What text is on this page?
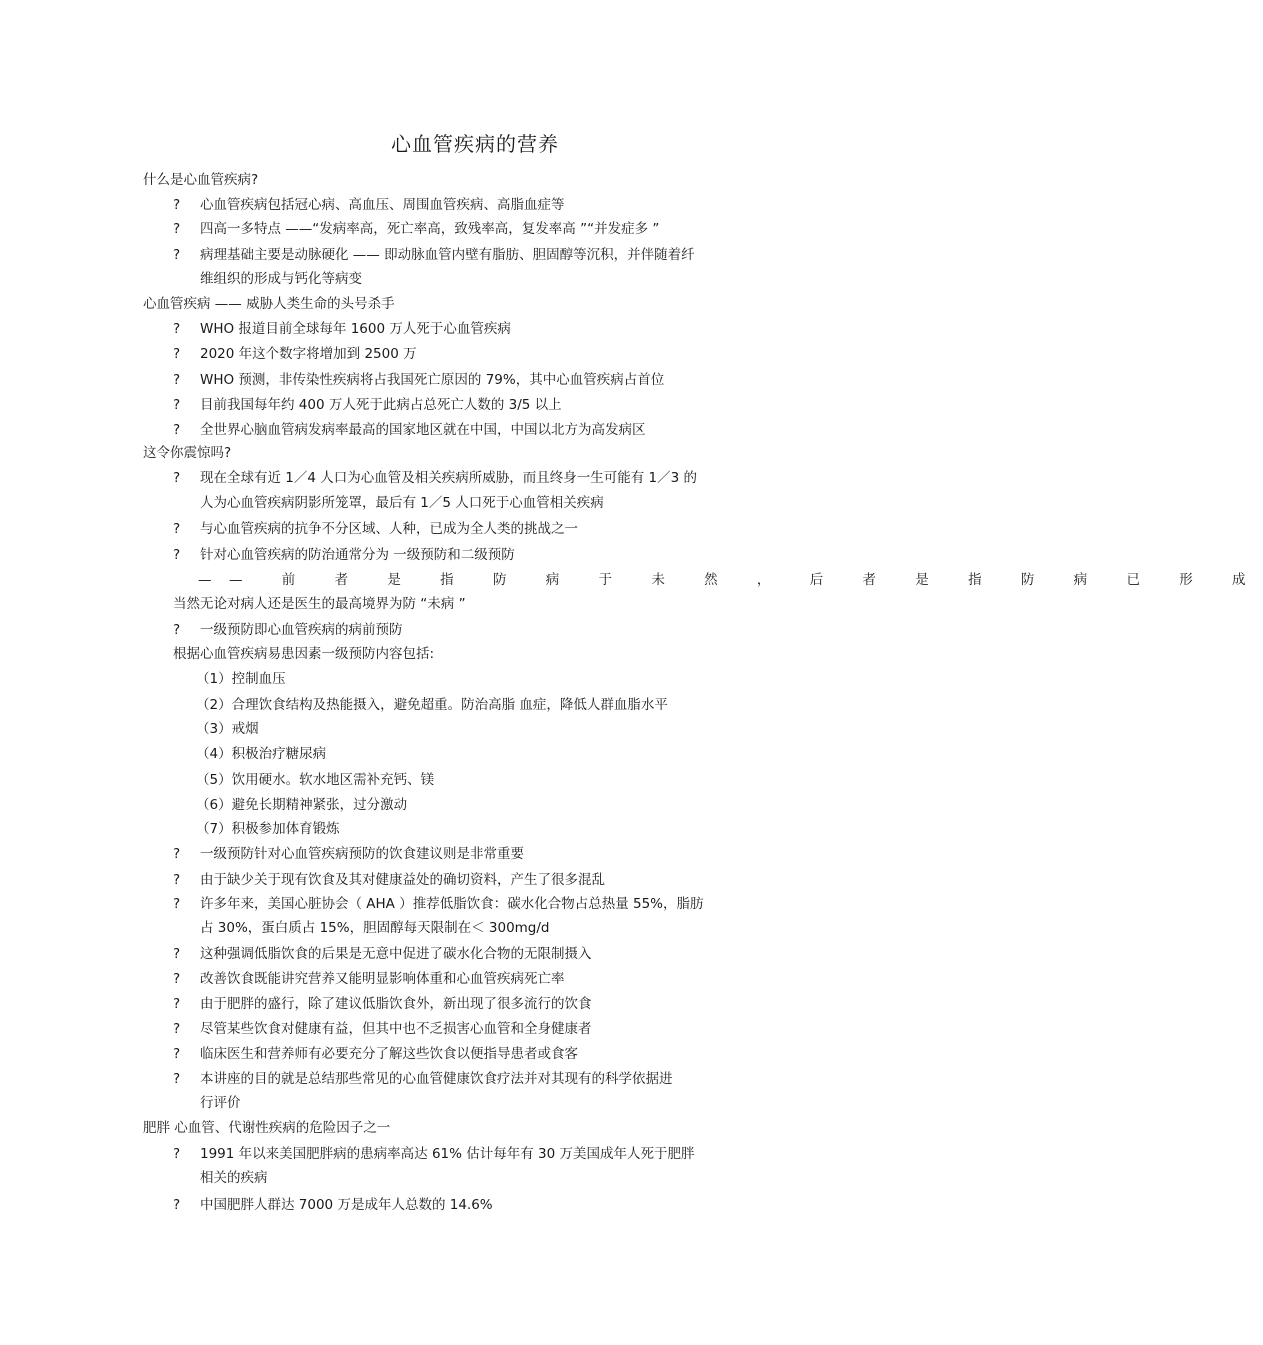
心血管疾病的营养
什么是心血管疾病?
? 心血管疾病包括冠心病、高血压、周围血管疾病、高脂血症等
? 四高一多特点 ——“发病率高，死亡率高，致残率高，复发率高 ”“并发症多 ”
? 病理基础主要是动脉硬化 —— 即动脉血管内壁有脂肪、胆固醇等沉积，并伴随着纤
维组织的形成与钙化等病变
心血管疾病 —— 威胁人类生命的头号杀手
? WHO 报道目前全球每年 1600 万人死于心血管疾病
? 2020 年这个数字将增加到 2500 万
? WHO 预测，非传染性疾病将占我国死亡原因的 79%，其中心血管疾病占首位
? 目前我国每年约 400 万人死于此病占总死亡人数的 3/5 以上
? 全世界心脑血管病发病率最高的国家地区就在中国，中国以北方为高发病区
这令你震惊吗?
? 现在全球有近 1／4 人口为心血管及相关疾病所威胁，而且终身一生可能有 1／3 的
人为心血管疾病阴影所笼罩，最后有 1／5 人口死于心血管相关疾病
? 与心血管疾病的抗争不分区域、人种，已成为全人类的挑战之一
? 针对心血管疾病的防治通常分为 一级预防和二级预防
—— 前 者 是 指 防 病 于 未 然 ， 后 者 是 指 防 病 已 形 成
当然无论对病人还是医生的最高境界为防 “未病 ”
? 一级预防即心血管疾病的病前预防
根据心血管疾病易患因素一级预防内容包括:
（1）控制血压
（2）合理饮食结构及热能摄入，避免超重。防治高脂 血症，降低人群血脂水平
（3）戒烟
（4）积极治疗糖尿病
（5）饮用硬水。软水地区需补充钙、镁
（6）避免长期精神紧张，过分激动
（7）积极参加体育锻炼
? 一级预防针对心血管疾病预防的饮食建议则是非常重要
? 由于缺少关于现有饮食及其对健康益处的确切资料，产生了很多混乱
? 许多年来，美国心脏协会（ AHA ）推荐低脂饮食：碳水化合物占总热量 55%，脂肪
占 30%，蛋白质占 15%，胆固醇每天限制在＜ 300mg/d
? 这种强调低脂饮食的后果是无意中促进了碳水化合物的无限制摄入
? 改善饮食既能讲究营养又能明显影响体重和心血管疾病死亡率
? 由于肥胖的盛行，除了建议低脂饮食外，新出现了很多流行的饮食
? 尽管某些饮食对健康有益，但其中也不乏损害心血管和全身健康者
? 临床医生和营养师有必要充分了解这些饮食以便指导患者或食客
? 本讲座的目的就是总结那些常见的心血管健康饮食疗法并对其现有的科学依据进
行评价
肥胖 心血管、代谢性疾病的危险因子之一
? 1991 年以来美国肥胖病的患病率高达 61% 估计每年有 30 万美国成年人死于肥胖
相关的疾病
? 中国肥胖人群达 7000 万是成年人总数的 14.6%
